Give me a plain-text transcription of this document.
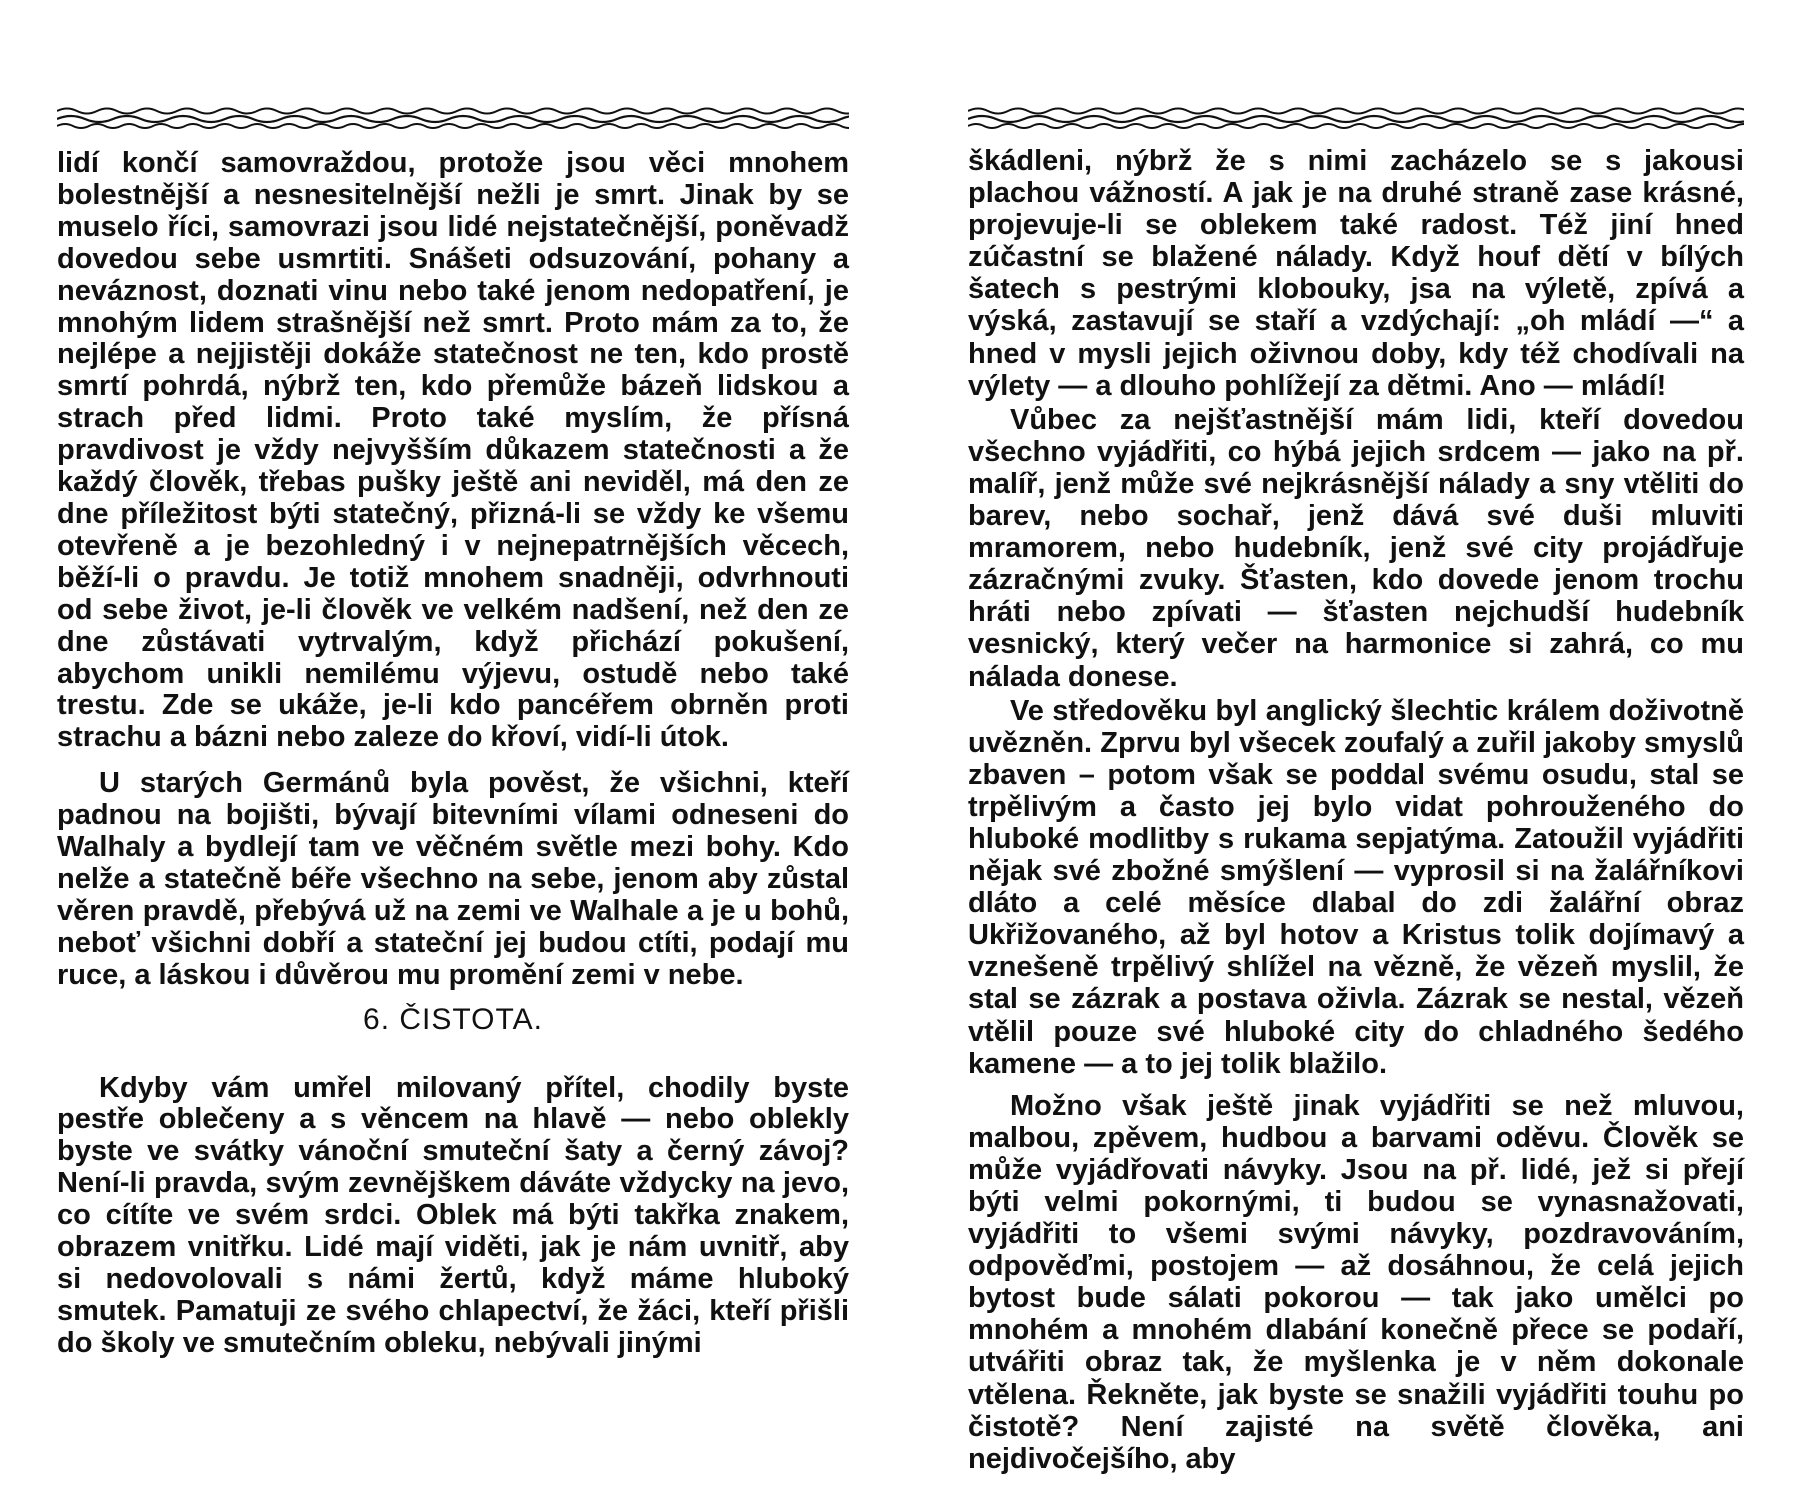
lidí končí samovraždou, protože jsou věci mnohem bolestnější a nesnesitelnější nežli je smrt. Jinak by se muselo říci, samovrazi jsou lidé nejstatečnější, poněvadž dovedou sebe usmrtiti. Snášeti odsuzování, pohany a neváznost, doznati vinu nebo také jenom nedopatření, je mnohým lidem strašnější než smrt. Proto mám za to, že nejlépe a nejjistěji dokáže statečnost ne ten, kdo prostě smrtí pohrdá, nýbrž ten, kdo přemůže bázeň lidskou a strach před lidmi. Proto také myslím, že přísná pravdivost je vždy nejvyšším důkazem statečnosti a že každý člověk, třebas pušky ještě ani neviděl, má den ze dne příležitost býti statečný, přizná-li se vždy ke všemu otevřeně a je bezohledný i v nejnepatrnějších věcech, běží-li o pravdu. Je totiž mnohem snadněji, odvrhnouti od sebe život, je-li člověk ve velkém nadšení, než den ze dne zůstávati vytrvalým, když přichází pokušení, abychom unikli nemilému výjevu, ostudě nebo také trestu. Zde se ukáže, je-li kdo pancéřem obrněn proti strachu a bázni nebo zaleze do křoví, vidí-li útok.

U starých Germánů byla pověst, že všichni, kteří padnou na bojišti, bývají bitevními vílami odneseni do Walhaly a bydlejí tam ve věčném světle mezi bohy. Kdo nelže a statečně béře všechno na sebe, jenom aby zůstal věren pravdě, přebývá už na zemi ve Walhale a je u bohů, neboť všichni dobří a stateční jej budou ctíti, podají mu ruce, a láskou i důvěrou mu promění zemi v nebe.

6. ČISTOTA.

Kdyby vám umřel milovaný přítel, chodily byste pestře oblečeny a s věncem na hlavě — nebo oblekly byste ve svátky vánoční smuteční šaty a černý závoj? Není-li pravda, svým zevnějškem dáváte vždycky na jevo, co cítíte ve svém srdci. Oblek má býti takřka znakem, obrazem vnitřku. Lidé mají viděti, jak je nám uvnitř, aby si nedovolovali s námi žertů, když máme hluboký smutek. Pamatuji ze svého chlapectví, že žáci, kteří přišli do školy ve smutečním obleku, nebývali jinými

škádleni, nýbrž že s nimi zacházelo se s jakousi plachou vážností. A jak je na druhé straně zase krásné, projevuje-li se oblekem také radost. Též jiní hned zúčastní se blažené nálady. Když houf dětí v bílých šatech s pestrými klobouky, jsa na výletě, zpívá a výská, zastavují se staří a vzdýchají: „oh mládí —“ a hned v mysli jejich oživnou doby, kdy též chodívali na výlety — a dlouho pohlížejí za dětmi. Ano — mládí!

Vůbec za nejšťastnější mám lidi, kteří dovedou všechno vyjádřiti, co hýbá jejich srdcem — jako na př. malíř, jenž může své nejkrásnější nálady a sny vtěliti do barev, nebo sochař, jenž dává své duši mluviti mramorem, nebo hudebník, jenž své city projádřuje zázračnými zvuky. Šťasten, kdo dovede jenom trochu hráti nebo zpívati — šťasten nejchudší hudebník vesnický, který večer na harmonice si zahrá, co mu nálada donese.

Ve středověku byl anglický šlechtic králem doživotně uvězněn. Zprvu byl všecek zoufalý a zuřil jakoby smyslů zbaven – potom však se poddal svému osudu, stal se trpělivým a často jej bylo vidat pohrouženého do hluboké modlitby s rukama sepjatýma. Zatoužil vyjádřiti nějak své zbožné smýšlení — vyprosil si na žalářníkovi dláto a celé měsíce dlabal do zdi žalářní obraz Ukřižovaného, až byl hotov a Kristus tolik dojímavý a vznešeně trpělivý shlížel na vězně, že vězeň myslil, že stal se zázrak a postava oživla. Zázrak se nestal, vězeň vtělil pouze své hluboké city do chladného šedého kamene — a to jej tolik blažilo.

Možno však ještě jinak vyjádřiti se než mluvou, malbou, zpěvem, hudbou a barvami oděvu. Člověk se může vyjádřovati návyky. Jsou na př. lidé, jež si přejí býti velmi pokornými, ti budou se vynasnažovati, vyjádřiti to všemi svými návyky, pozdravováním, odpověďmi, postojem — až dosáhnou, že celá jejich bytost bude sálati pokorou — tak jako umělci po mnohém a mnohém dlabání konečně přece se podaří, utvářiti obraz tak, že myšlenka je v něm dokonale vtělena. Řekněte, jak byste se snažili vyjádřiti touhu po čistotě? Není zajisté na světě člověka, ani nejdivočejšího, aby
